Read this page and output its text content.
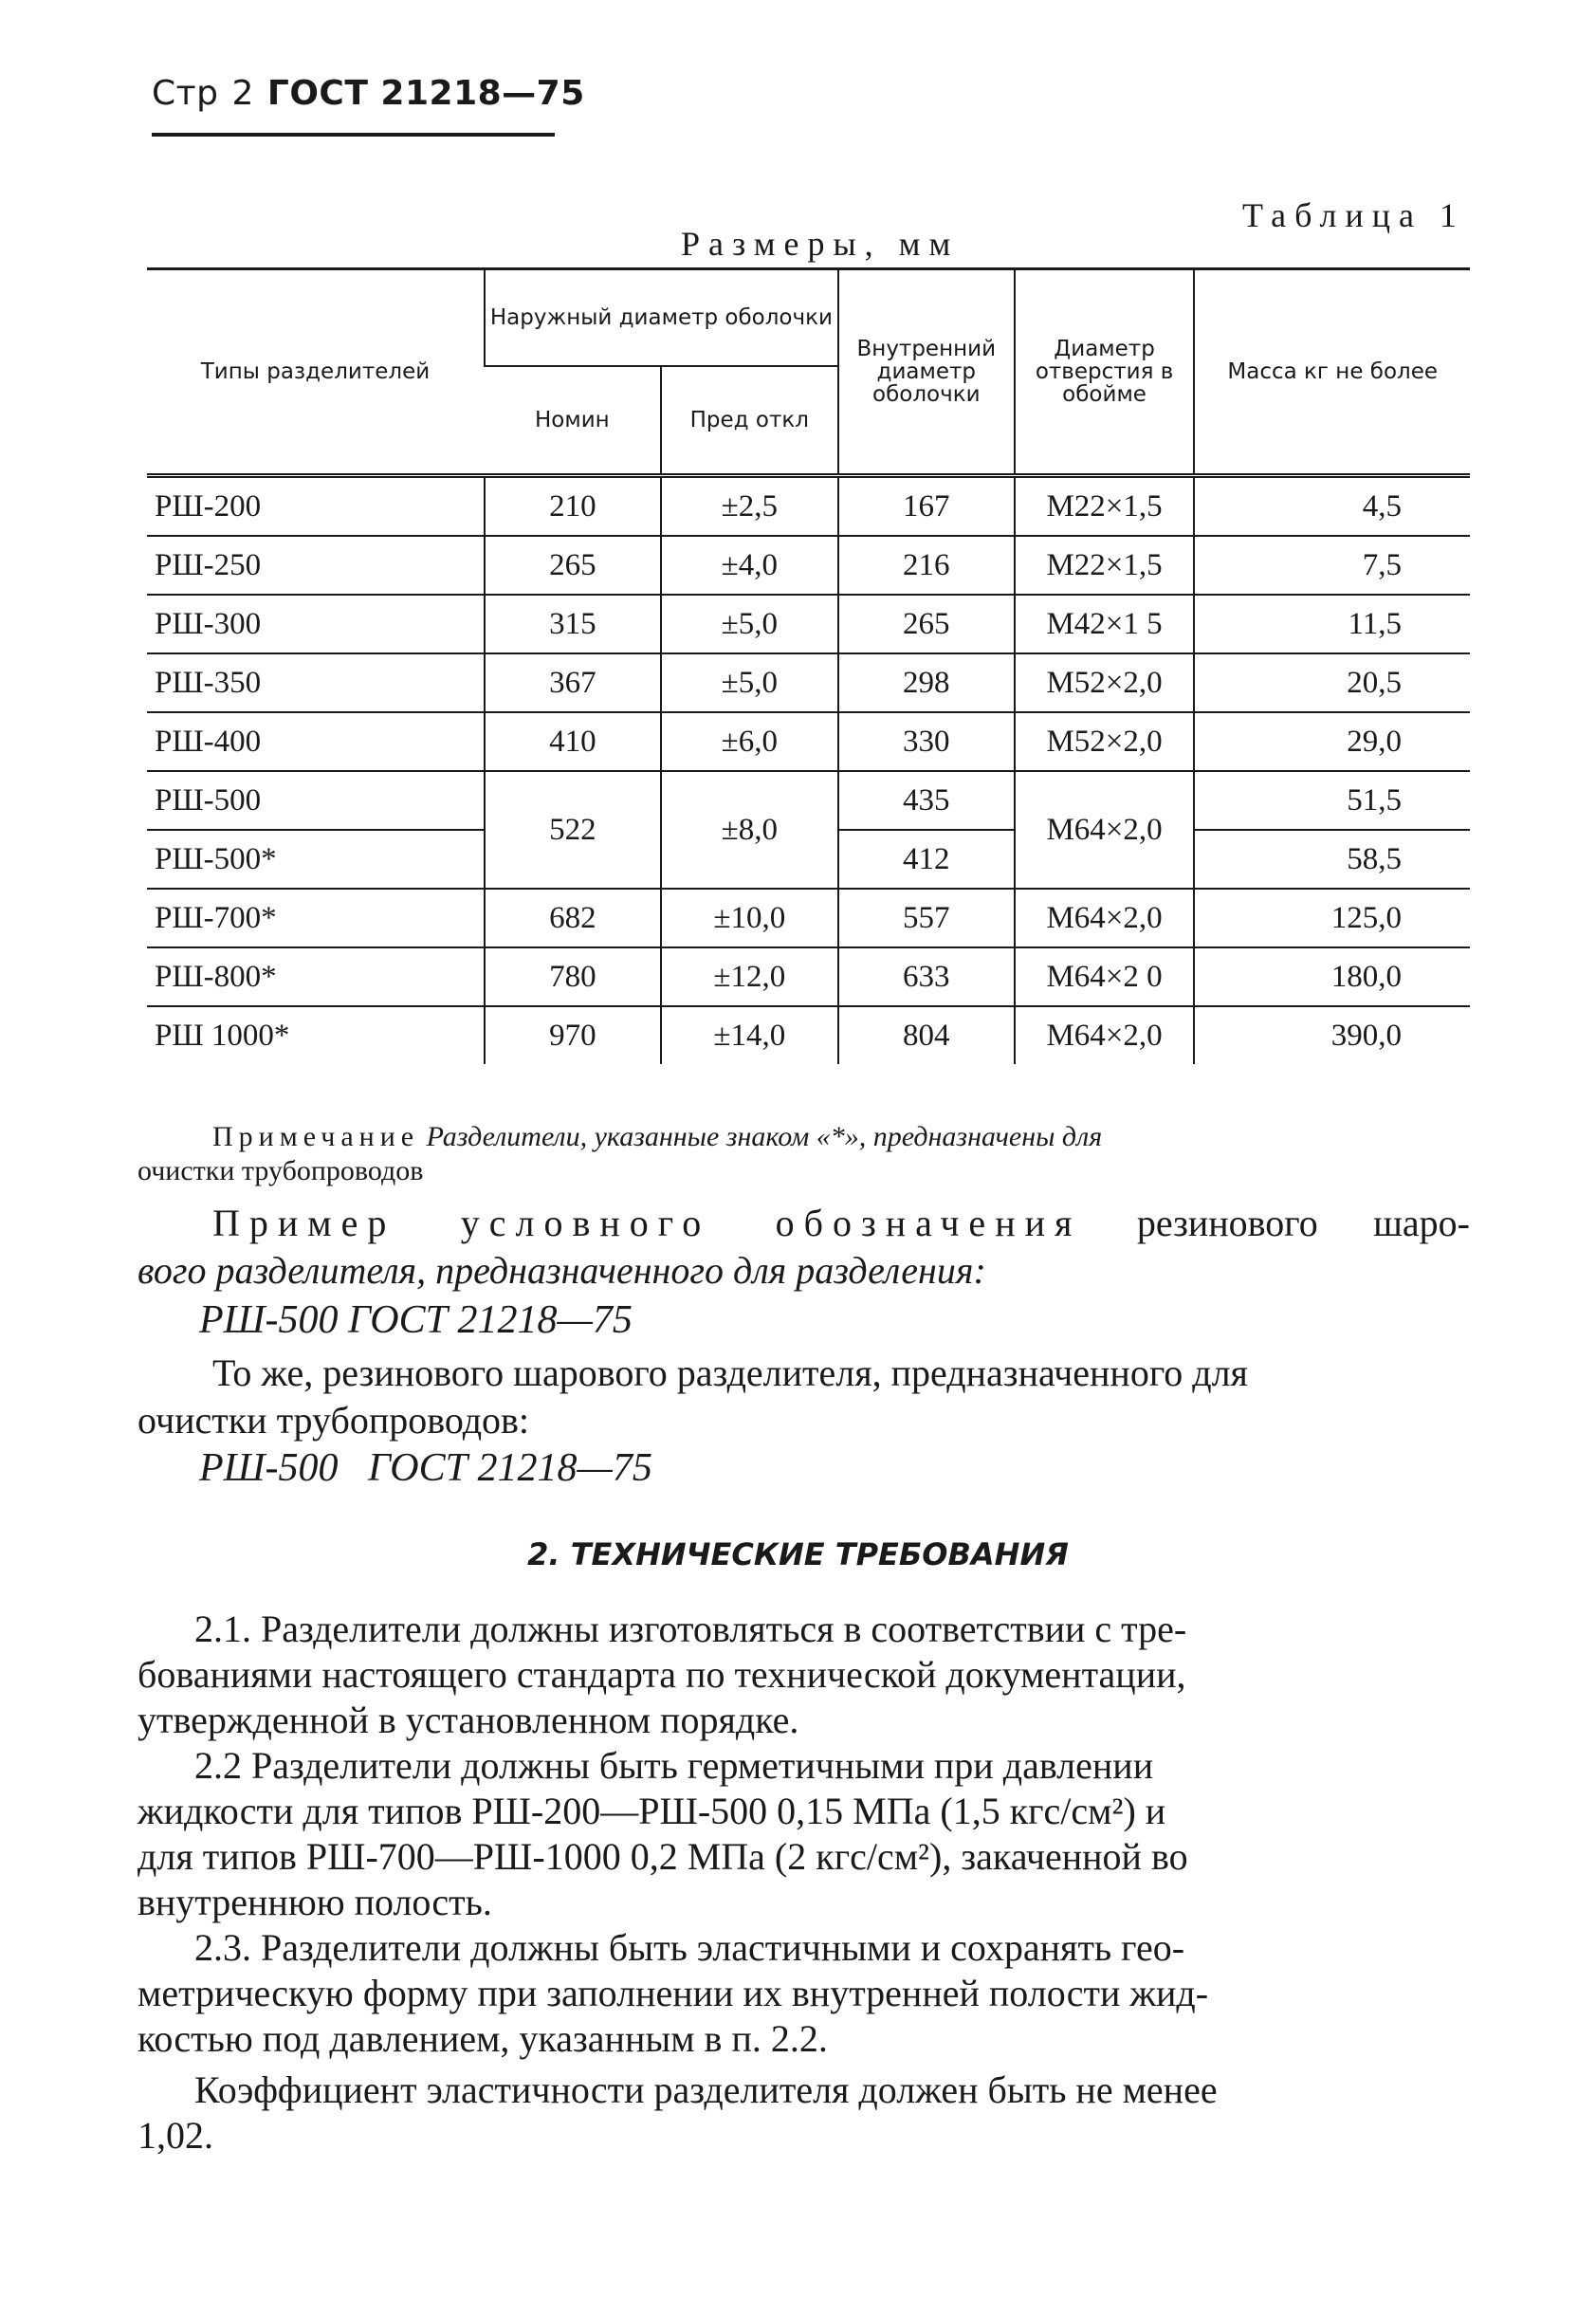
Стр 2 ГОСТ 21218—75
Таблица 1
Размеры, мм
Типы разделителей	Наружный диаметр оболочки		Внутренний диаметр оболочки	Диаметр отверстия в обойме	Масса кг не более
	Номин	Пред откл			
РШ-200	210	±2,5	167	M22×1,5	4,5
РШ-250	265	±4,0	216	M22×1,5	7,5
РШ-300	315	±5,0	265	M42×1 5	11,5
РШ-350	367	±5,0	298	M52×2,0	20,5
РШ-400	410	±6,0	330	M52×2,0	29,0
РШ-500	522	±8,0	435	M64×2,0	51,5
РШ-500*			412		58,5
РШ-700*	682	±10,0	557	M64×2,0	125,0
РШ-800*	780	±12,0	633	M64×2 0	180,0
РШ 1000*	970	±14,0	804	M64×2,0	390,0
Примечание Разделители, указанные знаком «*», предназначены для
очистки трубопроводов
Пример условного обозначения резинового шаро-
вого разделителя, предназначенного для разделения:
РШ-500 ГОСТ 21218—75
То же, резинового шарового разделителя, предназначенного для
очистки трубопроводов:
РШ-500   ГОСТ 21218—75
2. ТЕХНИЧЕСКИЕ ТРЕБОВАНИЯ
2.1. Разделители должны изготовляться в соответствии с тре-
бованиями настоящего стандарта по технической документации,
утвержденной в установленном порядке.
2.2 Разделители должны быть герметичными при давлении
жидкости для типов РШ-200—РШ-500 0,15 МПа (1,5 кгс/см²) и
для типов РШ-700—РШ-1000 0,2 МПа (2 кгс/см²), закаченной во
внутреннюю полость.
2.3. Разделители должны быть эластичными и сохранять гео-
метрическую форму при заполнении их внутренней полости жид-
костью под давлением, указанным в п. 2.2.
Коэффициент эластичности разделителя должен быть не менее
1,02.
